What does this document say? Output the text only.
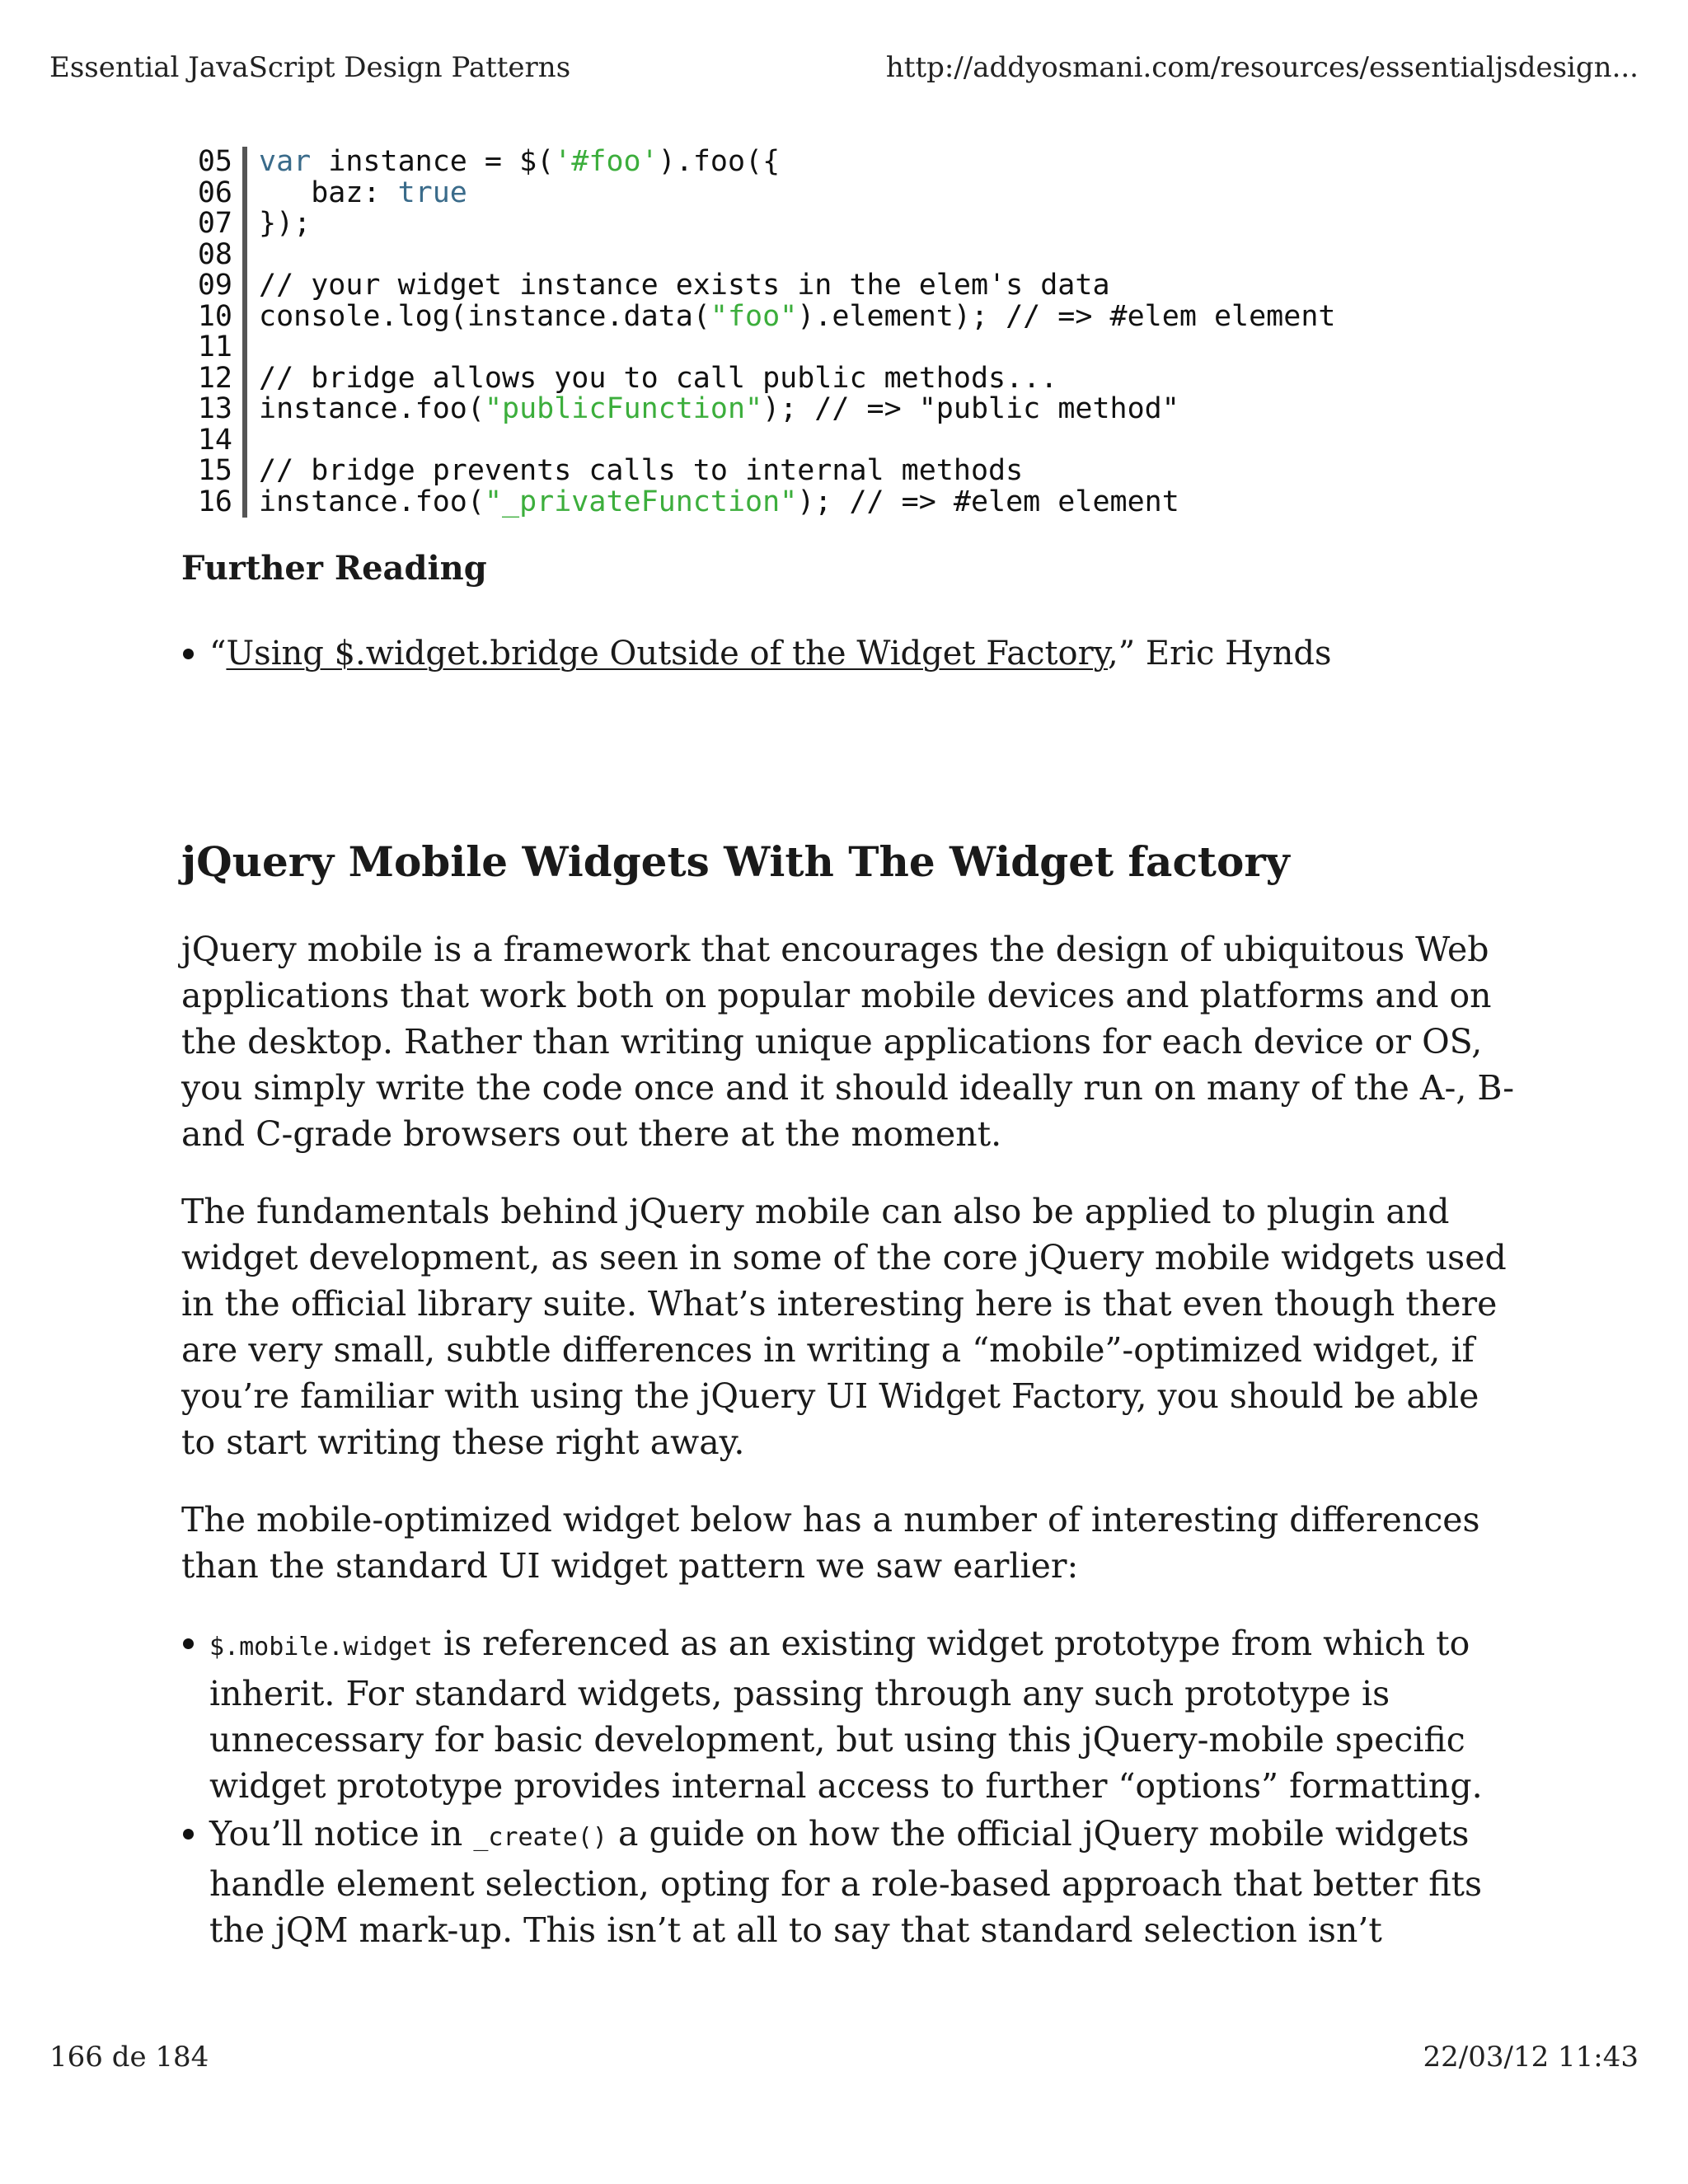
Essential JavaScript Design Patterns	http://addyosmani.com/resources/essentialjsdesign...
05 var instance = $('#foo').foo({
06 baz: true
07 });
08
09 // your widget instance exists in the elem's data
10 console.log(instance.data("foo").element); // => #elem element
11
12 // bridge allows you to call public methods...
13 instance.foo("publicFunction"); // => "public method"
14
15 // bridge prevents calls to internal methods
16 instance.foo("_privateFunction"); // => #elem element
Further Reading
“Using $.widget.bridge Outside of the Widget Factory,” Eric Hynds
jQuery Mobile Widgets With The Widget factory

jQuery mobile is a framework that encourages the design of ubiquitous Web applications that work both on popular mobile devices and platforms and on the desktop. Rather than writing unique applications for each device or OS, you simply write the code once and it should ideally run on many of the A-, B- and C-grade browsers out there at the moment.

The fundamentals behind jQuery mobile can also be applied to plugin and widget development, as seen in some of the core jQuery mobile widgets used in the official library suite. What’s interesting here is that even though there are very small, subtle differences in writing a “mobile”-optimized widget, if you’re familiar with using the jQuery UI Widget Factory, you should be able to start writing these right away.

The mobile-optimized widget below has a number of interesting differences than the standard UI widget pattern we saw earlier:

$.mobile.widget is referenced as an existing widget prototype from which to inherit. For standard widgets, passing through any such prototype is unnecessary for basic development, but using this jQuery-mobile specific widget prototype provides internal access to further “options” formatting.
You’ll notice in _create() a guide on how the official jQuery mobile widgets handle element selection, opting for a role-based approach that better fits the jQM mark-up. This isn’t at all to say that standard selection isn’t
166 de 184	22/03/12 11:43
